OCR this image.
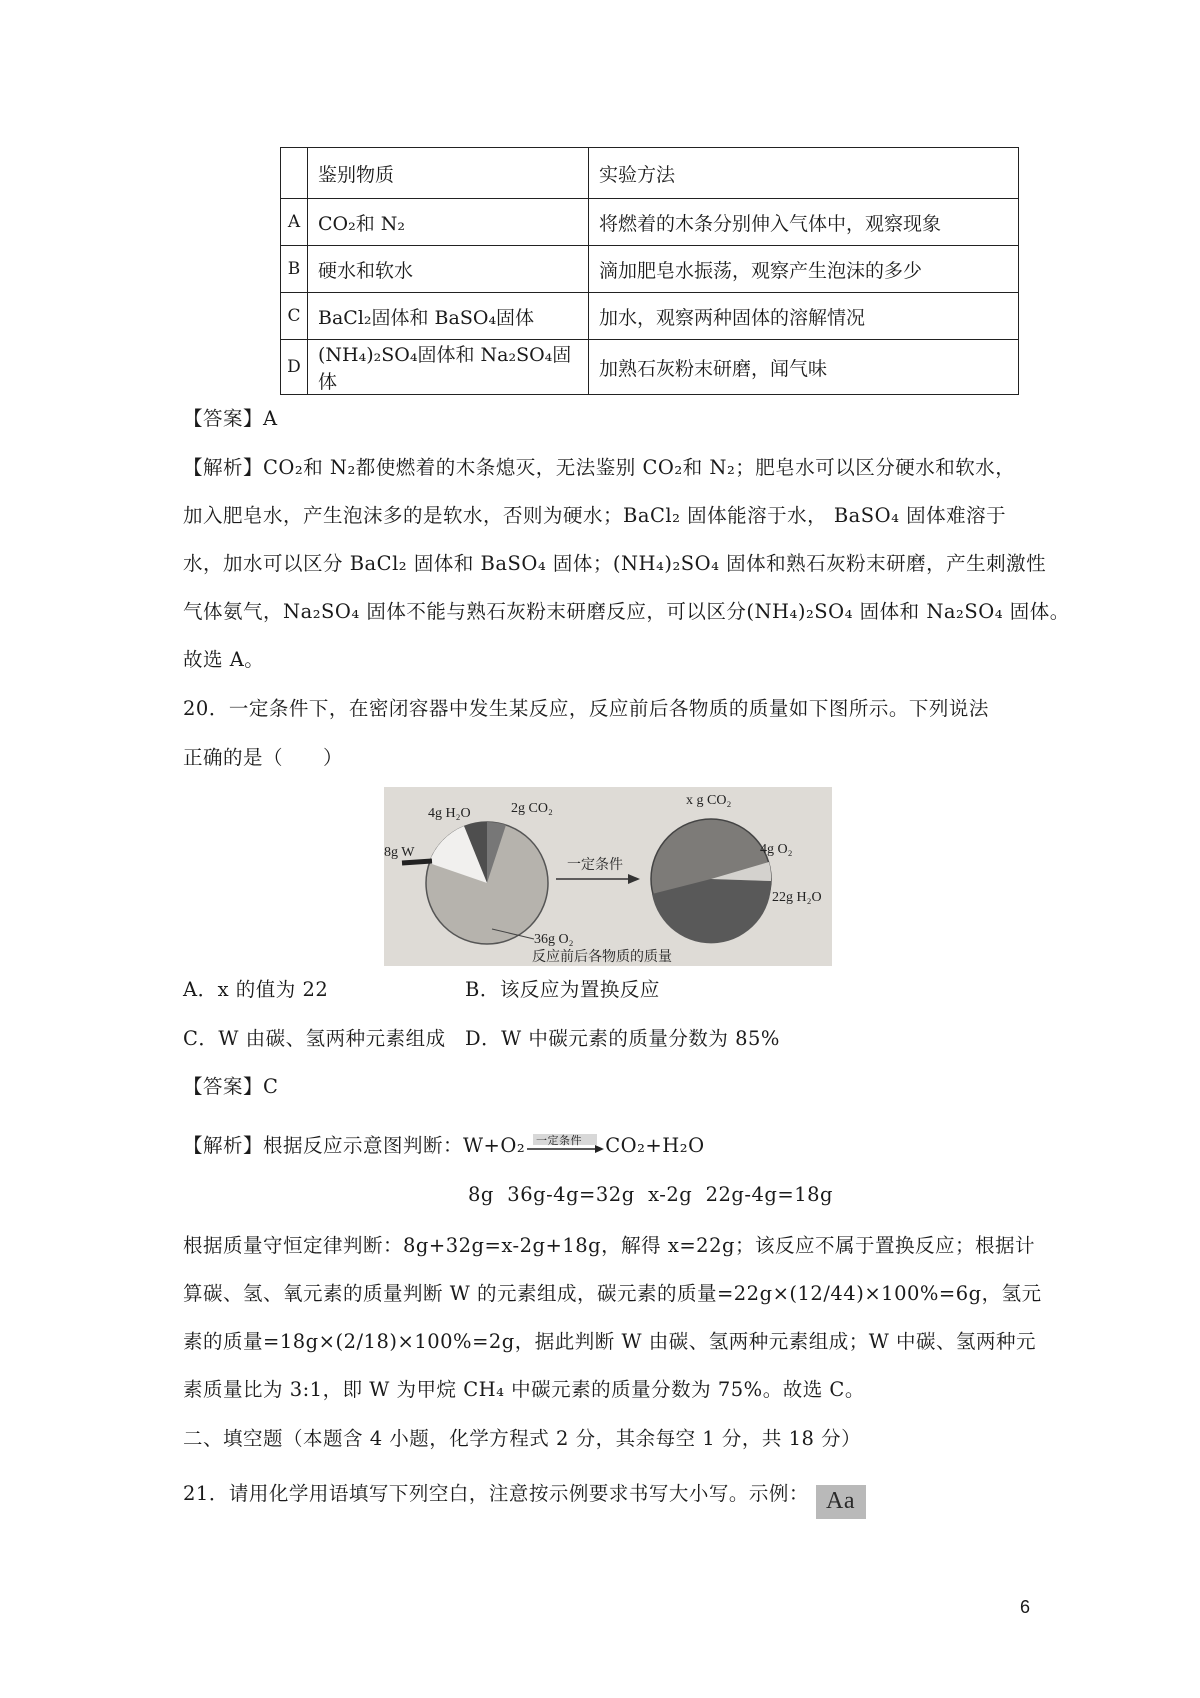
	鉴别物质	实验方法
A	CO₂和 N₂	将燃着的木条分别伸入气体中，观察现象
B	硬水和软水	滴加肥皂水振荡，观察产生泡沫的多少
C	BaCl₂固体和 BaSO₄固体	加水，观察两种固体的溶解情况
D	(NH₄)₂SO₄固体和 Na₂SO₄固体	加熟石灰粉末研磨，闻气味
【答案】A
【解析】CO₂和 N₂都使燃着的木条熄灭，无法鉴别 CO₂和 N₂；肥皂水可以区分硬水和软水，
加入肥皂水，产生泡沫多的是软水，否则为硬水；BaCl₂ 固体能溶于水， BaSO₄ 固体难溶于
水，加水可以区分 BaCl₂ 固体和 BaSO₄ 固体；(NH₄)₂SO₄ 固体和熟石灰粉末研磨，产生刺激性
气体氨气，Na₂SO₄ 固体不能与熟石灰粉末研磨反应，可以区分(NH₄)₂SO₄ 固体和 Na₂SO₄ 固体。
故选 A。
20．一定条件下，在密闭容器中发生某反应，反应前后各物质的质量如下图所示。下列说法
正确的是（　　）
4g H₂O	2g CO₂
8g W
36g O₂
一定条件
x g CO₂
4g O₂
22g H₂O
反应前后各物质的质量
A．x 的值为 22	B．该反应为置换反应
C．W 由碳、氢两种元素组成 D．W 中碳元素的质量分数为 85%
【答案】C
【解析】根据反应示意图判断：W+O₂ 一定条件 CO₂+H₂O
8g  36g-4g=32g  x-2g  22g-4g=18g
根据质量守恒定律判断：8g+32g=x-2g+18g，解得 x=22g；该反应不属于置换反应；根据计
算碳、氢、氧元素的质量判断 W 的元素组成，碳元素的质量=22g×(12/44)×100%=6g，氢元
素的质量=18g×(2/18)×100%=2g，据此判断 W 由碳、氢两种元素组成；W 中碳、氢两种元
素质量比为 3:1，即 W 为甲烷 CH₄ 中碳元素的质量分数为 75%。故选 C。
二、填空题（本题含 4 小题，化学方程式 2 分，其余每空 1 分，共 18 分）
21．请用化学用语填写下列空白，注意按示例要求书写大小写。示例： Aa
6
